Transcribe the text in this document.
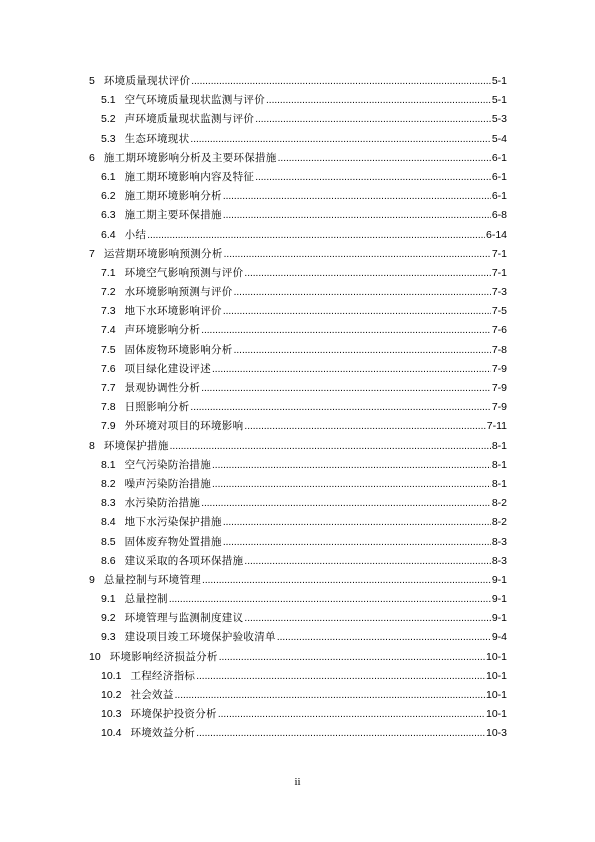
5 环境质量现状评价 .....	5-1
5.1 空气环境质量现状监测与评价 .....	5-1
5.2 声环境质量现状监测与评价 .....	5-3
5.3 生态环境现状 .....	5-4
6 施工期环境影响分析及主要环保措施 .....	6-1
6.1 施工期环境影响内容及特征 .....	6-1
6.2 施工期环境影响分析 .....	6-1
6.3 施工期主要环保措施 .....	6-8
6.4 小结 .....	6-14
7 运营期环境影响预测分析 .....	7-1
7.1 环境空气影响预测与评价 .....	7-1
7.2 水环境影响预测与评价 .....	7-3
7.3 地下水环境影响评价 .....	7-5
7.4 声环境影响分析 .....	7-6
7.5 固体废物环境影响分析 .....	7-8
7.6 项目绿化建设评述 .....	7-9
7.7 景观协调性分析 .....	7-9
7.8 日照影响分析 .....	7-9
7.9 外环境对项目的环境影响 .....	7-11
8 环境保护措施 .....	8-1
8.1 空气污染防治措施 .....	8-1
8.2 噪声污染防治措施 .....	8-1
8.3 水污染防治措施 .....	8-2
8.4 地下水污染保护措施 .....	8-2
8.5 固体废弃物处置措施 .....	8-3
8.6 建议采取的各项环保措施 .....	8-3
9 总量控制与环境管理 .....	9-1
9.1 总量控制 .....	9-1
9.2 环境管理与监测制度建议 .....	9-1
9.3 建设项目竣工环境保护验收清单 .....	9-4
10 环境影响经济损益分析 .....	10-1
10.1 工程经济指标 .....	10-1
10.2 社会效益 .....	10-1
10.3 环境保护投资分析 .....	10-1
10.4 环境效益分析 .....	10-3
ii
